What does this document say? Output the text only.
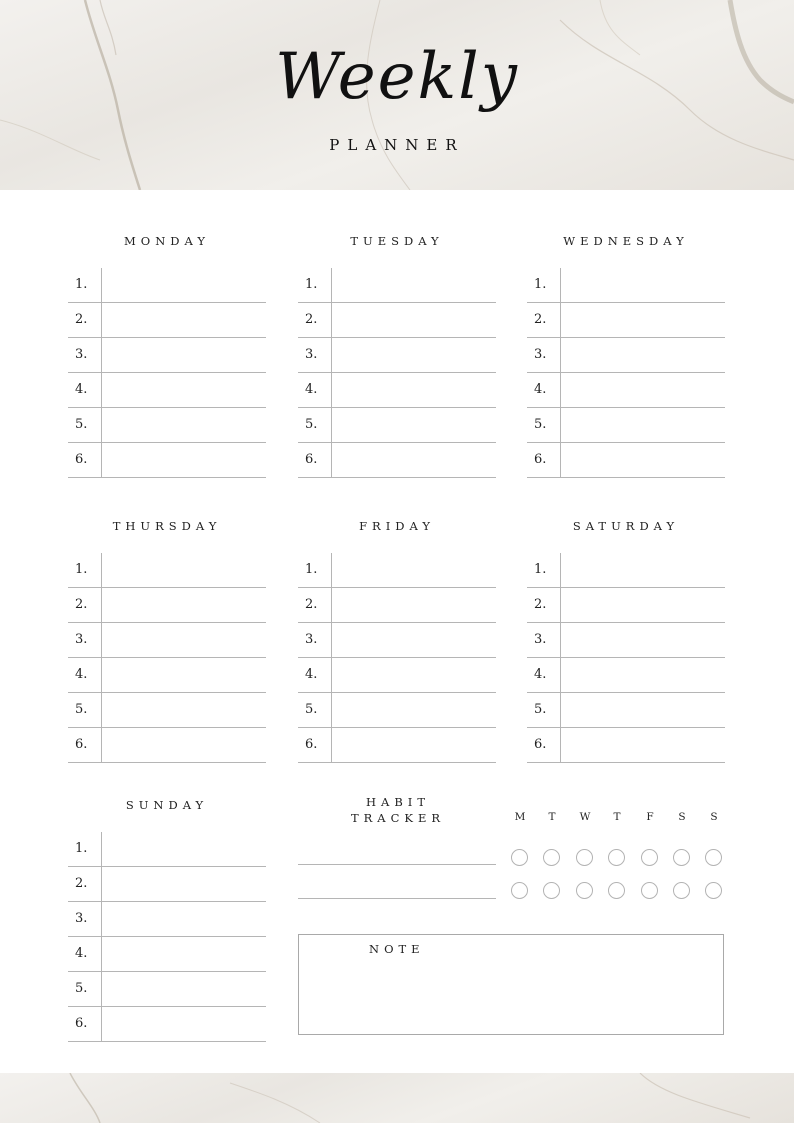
Weekly
PLANNER
MONDAY
1.
2.
3.
4.
5.
6.
TUESDAY
1.
2.
3.
4.
5.
6.
WEDNESDAY
1.
2.
3.
4.
5.
6.
THURSDAY
1.
2.
3.
4.
5.
6.
FRIDAY
1.
2.
3.
4.
5.
6.
SATURDAY
1.
2.
3.
4.
5.
6.
SUNDAY
1.
2.
3.
4.
5.
6.
HABIT
TRACKER	M	T	W	T	F	S	S
NOTE
